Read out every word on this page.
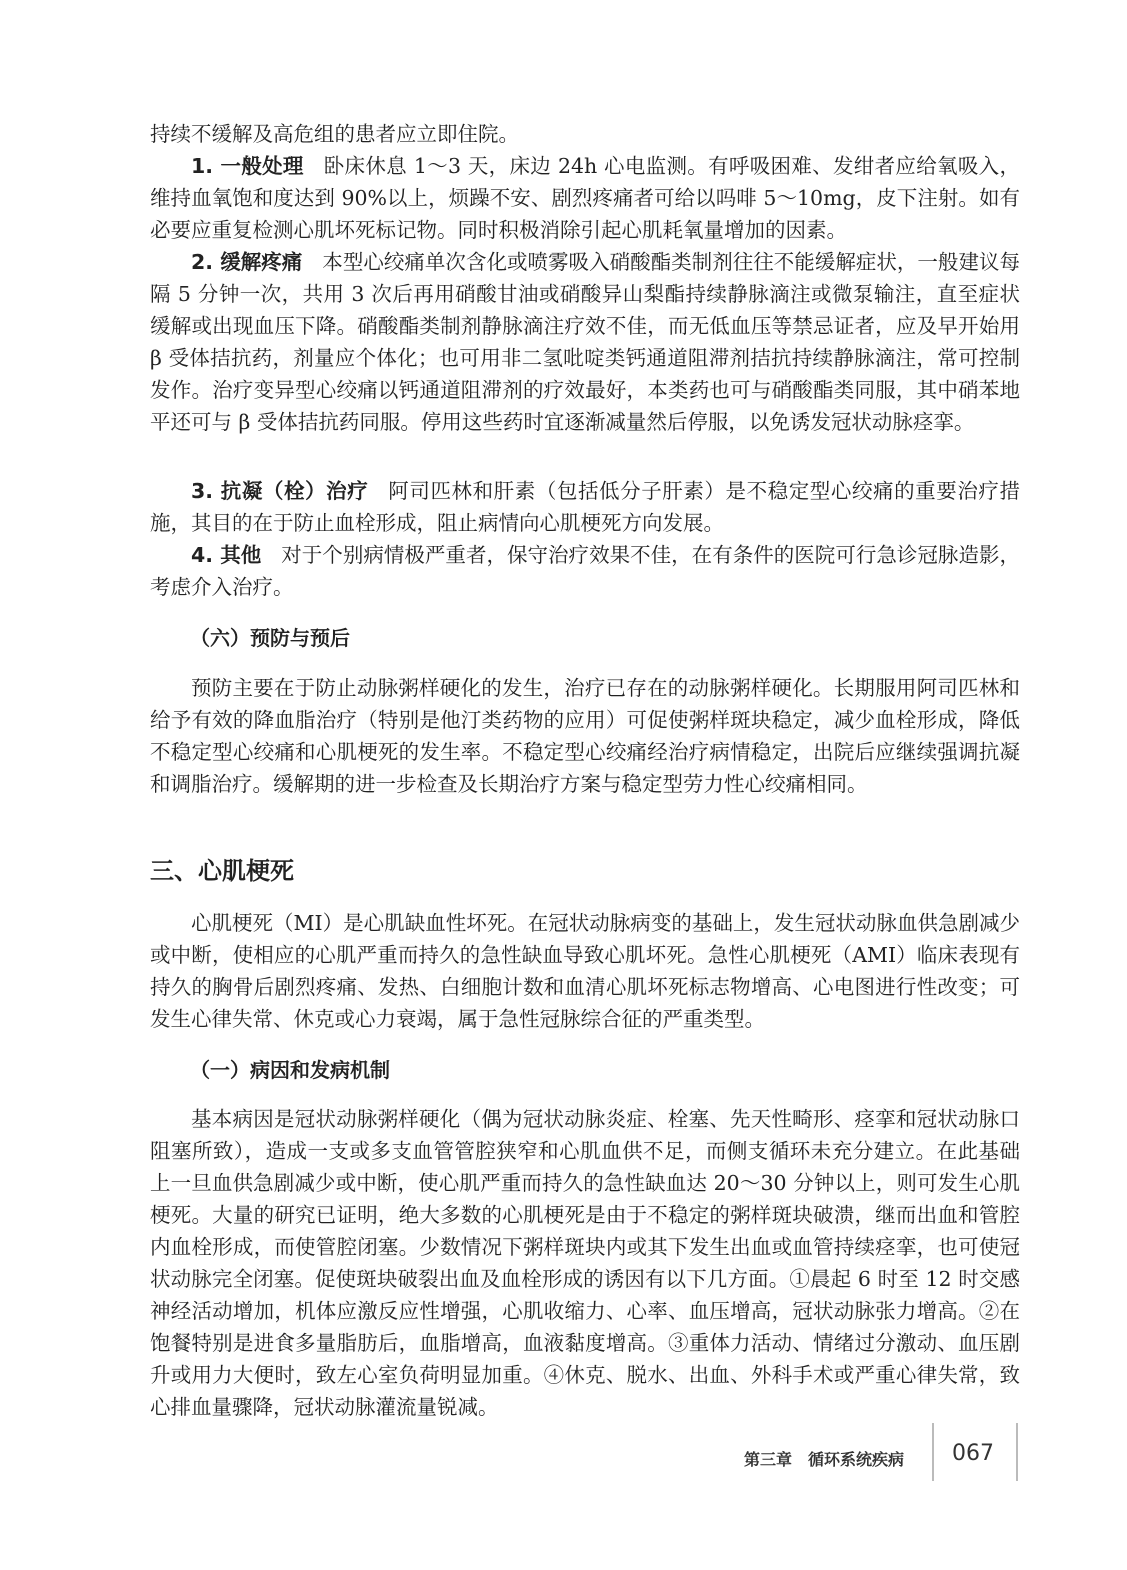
持续不缓解及高危组的患者应立即住院。

1. 一般处理 卧床休息 1～3 天，床边 24h 心电监测。有呼吸困难、发绀者应给氧吸入，维持血氧饱和度达到 90%以上，烦躁不安、剧烈疼痛者可给以吗啡 5～10mg，皮下注射。如有必要应重复检测心肌坏死标记物。同时积极消除引起心肌耗氧量增加的因素。

2. 缓解疼痛 本型心绞痛单次含化或喷雾吸入硝酸酯类制剂往往不能缓解症状，一般建议每隔 5 分钟一次，共用 3 次后再用硝酸甘油或硝酸异山梨酯持续静脉滴注或微泵输注，直至症状缓解或出现血压下降。硝酸酯类制剂静脉滴注疗效不佳，而无低血压等禁忌证者，应及早开始用 β 受体拮抗药，剂量应个体化；也可用非二氢吡啶类钙通道阻滞剂拮抗持续静脉滴注，常可控制发作。治疗变异型心绞痛以钙通道阻滞剂的疗效最好，本类药也可与硝酸酯类同服，其中硝苯地平还可与 β 受体拮抗药同服。停用这些药时宜逐渐减量然后停服，以免诱发冠状动脉痉挛。

3. 抗凝（栓）治疗 阿司匹林和肝素（包括低分子肝素）是不稳定型心绞痛的重要治疗措施，其目的在于防止血栓形成，阻止病情向心肌梗死方向发展。

4. 其他 对于个别病情极严重者，保守治疗效果不佳，在有条件的医院可行急诊冠脉造影，考虑介入治疗。

（六）预防与预后

预防主要在于防止动脉粥样硬化的发生，治疗已存在的动脉粥样硬化。长期服用阿司匹林和给予有效的降血脂治疗（特别是他汀类药物的应用）可促使粥样斑块稳定，减少血栓形成，降低不稳定型心绞痛和心肌梗死的发生率。不稳定型心绞痛经治疗病情稳定，出院后应继续强调抗凝和调脂治疗。缓解期的进一步检查及长期治疗方案与稳定型劳力性心绞痛相同。

三、心肌梗死

心肌梗死（MI）是心肌缺血性坏死。在冠状动脉病变的基础上，发生冠状动脉血供急剧减少或中断，使相应的心肌严重而持久的急性缺血导致心肌坏死。急性心肌梗死（AMI）临床表现有持久的胸骨后剧烈疼痛、发热、白细胞计数和血清心肌坏死标志物增高、心电图进行性改变；可发生心律失常、休克或心力衰竭，属于急性冠脉综合征的严重类型。

（一）病因和发病机制

基本病因是冠状动脉粥样硬化（偶为冠状动脉炎症、栓塞、先天性畸形、痉挛和冠状动脉口阻塞所致），造成一支或多支血管管腔狭窄和心肌血供不足，而侧支循环未充分建立。在此基础上一旦血供急剧减少或中断，使心肌严重而持久的急性缺血达 20～30 分钟以上，则可发生心肌梗死。大量的研究已证明，绝大多数的心肌梗死是由于不稳定的粥样斑块破溃，继而出血和管腔内血栓形成，而使管腔闭塞。少数情况下粥样斑块内或其下发生出血或血管持续痉挛，也可使冠状动脉完全闭塞。促使斑块破裂出血及血栓形成的诱因有以下几方面。①晨起 6 时至 12 时交感神经活动增加，机体应激反应性增强，心肌收缩力、心率、血压增高，冠状动脉张力增高。②在饱餐特别是进食多量脂肪后，血脂增高，血液黏度增高。③重体力活动、情绪过分激动、血压剧升或用力大便时，致左心室负荷明显加重。④休克、脱水、出血、外科手术或严重心律失常，致心排血量骤降，冠状动脉灌流量锐减。

第三章　循环系统疾病 067
